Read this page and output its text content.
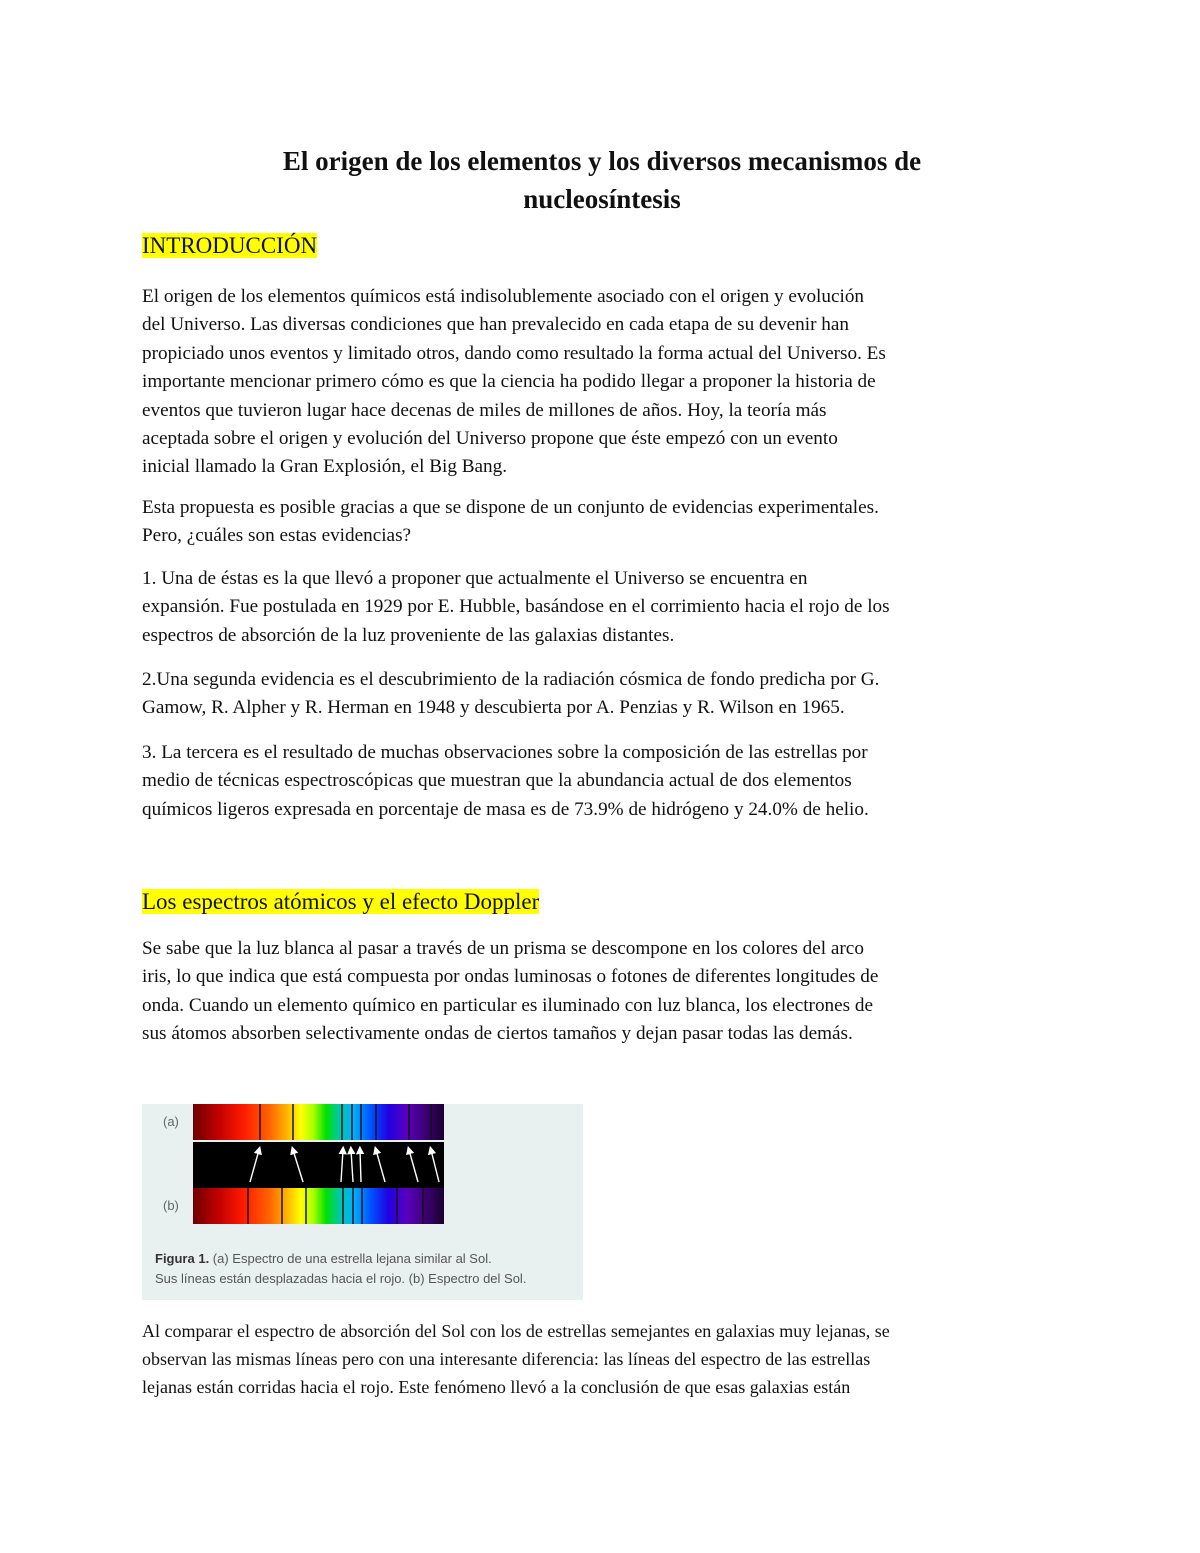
El origen de los elementos y los diversos mecanismos de
nucleosíntesis
INTRODUCCIÓN
El origen de los elementos químicos está indisolublemente asociado con el origen y evolución
del Universo. Las diversas condiciones que han prevalecido en cada etapa de su devenir han
propiciado unos eventos y limitado otros, dando como resultado la forma actual del Universo. Es
importante mencionar primero cómo es que la ciencia ha podido llegar a proponer la historia de
eventos que tuvieron lugar hace decenas de miles de millones de años. Hoy, la teoría más
aceptada sobre el origen y evolución del Universo propone que éste empezó con un evento
inicial llamado la Gran Explosión, el Big Bang.
Esta propuesta es posible gracias a que se dispone de un conjunto de evidencias experimentales.
Pero, ¿cuáles son estas evidencias?
1. Una de éstas es la que llevó a proponer que actualmente el Universo se encuentra en
expansión. Fue postulada en 1929 por E. Hubble, basándose en el corrimiento hacia el rojo de los
espectros de absorción de la luz proveniente de las galaxias distantes.
2.Una segunda evidencia es el descubrimiento de la radiación cósmica de fondo predicha por G.
Gamow, R. Alpher y R. Herman en 1948 y descubierta por A. Penzias y R. Wilson en 1965.
3. La tercera es el resultado de muchas observaciones sobre la composición de las estrellas por
medio de técnicas espectroscópicas que muestran que la abundancia actual de dos elementos
químicos ligeros expresada en porcentaje de masa es de 73.9% de hidrógeno y 24.0% de helio.
Los espectros atómicos y el efecto Doppler
Se sabe que la luz blanca al pasar a través de un prisma se descompone en los colores del arco
iris, lo que indica que está compuesta por ondas luminosas o fotones de diferentes longitudes de
onda. Cuando un elemento químico en particular es iluminado con luz blanca, los electrones de
sus átomos absorben selectivamente ondas de ciertos tamaños y dejan pasar todas las demás.
(a)
(b)
Figura 1. (a) Espectro de una estrella lejana similar al Sol.
Sus líneas están desplazadas hacia el rojo. (b) Espectro del Sol.
Al comparar el espectro de absorción del Sol con los de estrellas semejantes en galaxias muy lejanas, se
observan las mismas líneas pero con una interesante diferencia: las líneas del espectro de las estrellas
lejanas están corridas hacia el rojo. Este fenómeno llevó a la conclusión de que esas galaxias están
